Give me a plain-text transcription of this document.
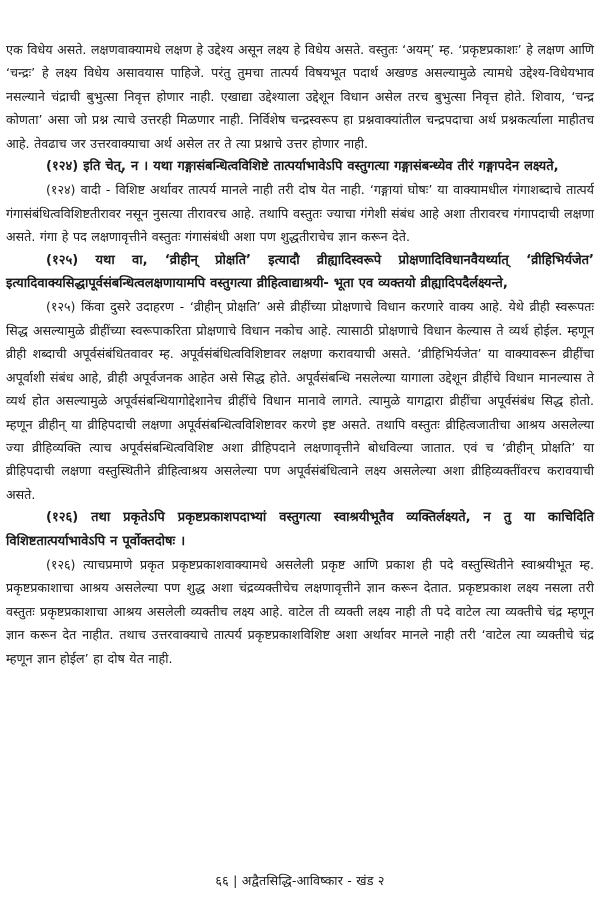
एक विधेय असते. लक्षणवाक्यामधे लक्षण हे उद्देश्य असून लक्ष्य हे विधेय असते. वस्तुतः ‘अयम्’ म्ह. ‘प्रकृष्टप्रकाशः’ हे लक्षण आणि ‘चन्द्रः’ हे लक्ष्य विधेय असावयास पाहिजे. परंतु तुमचा तात्पर्य विषयभूत पदार्थ अखण्ड असल्यामुळे त्यामधे उद्देश्य-विधेयभाव नसल्याने चंद्राची बुभुत्सा निवृत्त होणार नाही. एखाद्या उद्देश्याला उद्देशून विधान असेल तरच बुभुत्सा निवृत्त होते. शिवाय, ‘चन्द्र कोणता’ असा जो प्रश्न त्याचे उत्तरही मिळणार नाही. निर्विशेष चन्द्रस्वरूप हा प्रश्नवाक्यांतील चन्द्रपदाचा अर्थ प्रश्नकर्त्याला माहीतच आहे. तेवढाच जर उत्तरवाक्याचा अर्थ असेल तर ते त्या प्रश्नाचे उत्तर होणार नाही.

(१२४) इति चेत्, न । यथा गङ्गासंबन्धित्वविशिष्टे तात्पर्याभावेऽपि वस्तुगत्या गङ्गासंबन्ध्येव तीरं गङ्गापदेन लक्ष्यते,

(१२४) वादी - विशिष्ट अर्थावर तात्पर्य मानले नाही तरी दोष येत नाही. ‘गङ्गायां घोषः’ या वाक्यामधील गंगाशब्दाचे तात्पर्य गंगासंबंधित्वविशिष्टतीरावर नसून नुसत्या तीरावरच आहे. तथापि वस्तुतः ज्याचा गंगेशी संबंध आहे अशा तीरावरच गंगापदाची लक्षणा असते. गंगा हे पद लक्षणावृत्तीने वस्तुतः गंगासंबंधी अशा पण शुद्धतीराचेच ज्ञान करून देते.

(१२५) यथा वा, ‘व्रीहीन् प्रोक्षति’ इत्यादौ व्रीह्यादिस्वरूपे प्रोक्षणादिविधानवैयर्थ्यात् ‘व्रीहिभिर्यजेत’ इत्यादिवाक्यसिद्धापूर्वसंबन्धित्वलक्षणायामपि वस्तुगत्या व्रीहित्वाद्याश्रयी- भूता एव व्यक्तयो व्रीह्यादिपदैर्लक्ष्यन्ते,

(१२५) किंवा दुसरे उदाहरण - ‘व्रीहीन् प्रोक्षति’ असे व्रीहींच्या प्रोक्षणाचे विधान करणारे वाक्य आहे. येथे व्रीही स्वरूपतः सिद्ध असल्यामुळे व्रीहींच्या स्वरूपाकरिता प्रोक्षणाचे विधान नकोच आहे. त्यासाठी प्रोक्षणाचे विधान केल्यास ते व्यर्थ होईल. म्हणून व्रीही शब्दाची अपूर्वसंबंधितवावर म्ह. अपूर्वसंबंधित्वविशिष्टावर लक्षणा करावयाची असते. ‘व्रीहिभिर्यजेत’ या वाक्यावरून व्रीहींचा अपूर्वाशी संबंध आहे, व्रीही अपूर्वजनक आहेत असे सिद्ध होते. अपूर्वसंबन्धि नसलेल्या यागाला उद्देशून व्रीहींचे विधान मानल्यास ते व्यर्थ होत असल्यामुळे अपूर्वसंबन्धियागोद्देशानेच व्रीहींचे विधान मानावे लागते. त्यामुळे यागद्वारा व्रीहींचा अपूर्वसंबंध सिद्ध होतो. म्हणून व्रीहीन् या व्रीहिपदाची लक्षणा अपूर्वसंबन्धित्वविशिष्टावर करणे इष्ट असते. तथापि वस्तुतः व्रीहित्वजातीचा आश्रय असलेल्या ज्या व्रीहिव्यक्ति त्याच अपूर्वसंबन्धित्वविशिष्ट अशा व्रीहिपदाने लक्षणावृत्तीने बोधविल्या जातात. एवं च ‘व्रीहीन् प्रोक्षति’ या व्रीहिपदाची लक्षणा वस्तुस्थितीने व्रीहित्वाश्रय असलेल्या पण अपूर्वसंबंधित्वाने लक्ष्य असलेल्या अशा व्रीहिव्यक्तींवरच करावयाची असते.

(१२६) तथा प्रकृतेऽपि प्रकृष्टप्रकाशपदाभ्यां वस्तुगत्या स्वाश्रयीभूतैव व्यक्तिर्लक्ष्यते, न तु या काचिदिति विशिष्टतात्पर्याभावेऽपि न पूर्वोक्तदोषः ।

(१२६) त्याचप्रमाणे प्रकृत प्रकृष्टप्रकाशवाक्यामधे असलेली प्रकृष्ट आणि प्रकाश ही पदे वस्तुस्थितीने स्वाश्रयीभूत म्ह. प्रकृष्टप्रकाशाचा आश्रय असलेल्या पण शुद्ध अशा चंद्रव्यक्तीचेच लक्षणावृत्तीने ज्ञान करून देतात. प्रकृष्टप्रकाश लक्ष्य नसला तरी वस्तुतः प्रकृष्टप्रकाशाचा आश्रय असलेली व्यक्तीच लक्ष्य आहे. वाटेल ती व्यक्ती लक्ष्य नाही ती पदे वाटेल त्या व्यक्तीचे चंद्र म्हणून ज्ञान करून देत नाहीत. तथाच उत्तरवाक्याचे तात्पर्य प्रकृष्टप्रकाशविशिष्ट अशा अर्थावर मानले नाही तरी ‘वाटेल त्या व्यक्तीचे चंद्र म्हणून ज्ञान होईल’ हा दोष येत नाही.

६६ | अद्वैतसिद्धि-आविष्कार - खंड २
